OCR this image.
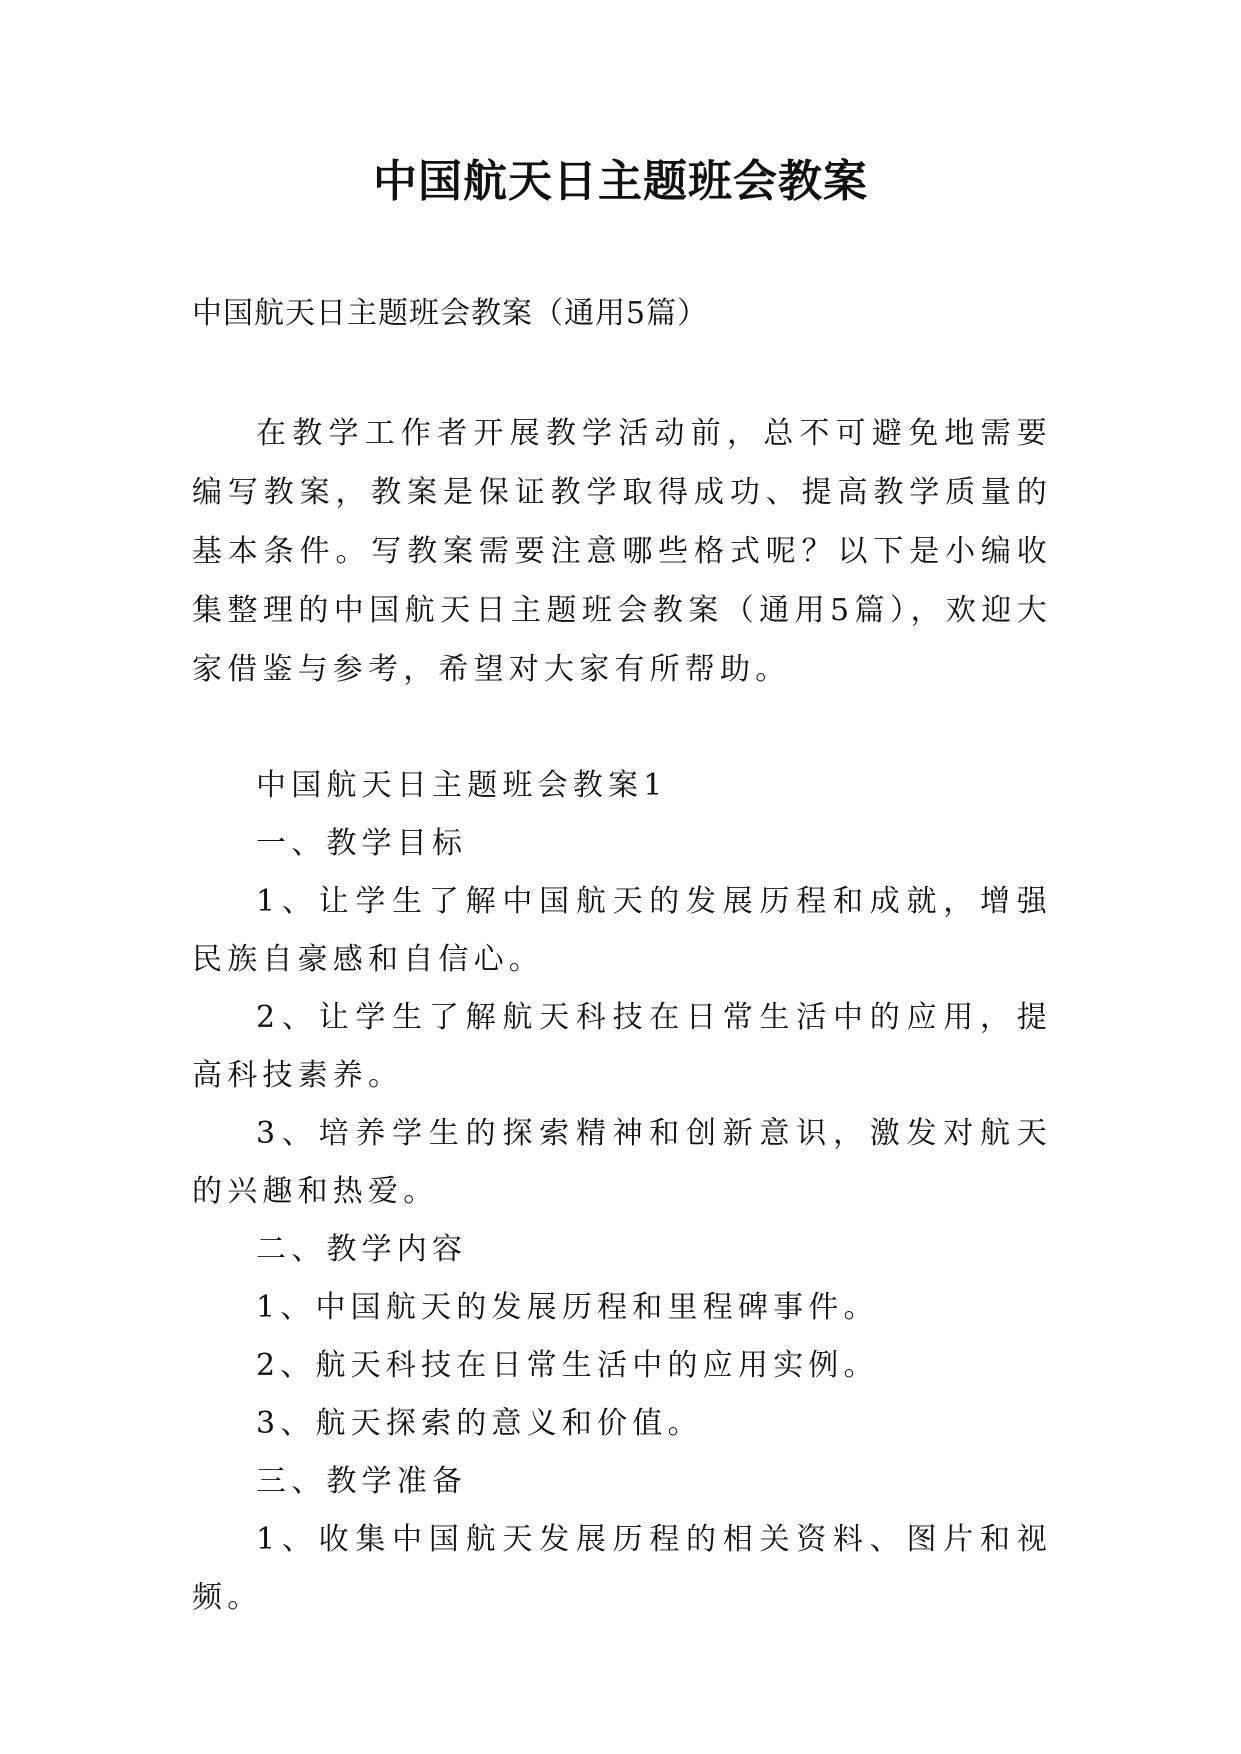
中国航天日主题班会教案

中国航天日主题班会教案（通用5篇）

在教学工作者开展教学活动前，总不可避免地需要编写教案，教案是保证教学取得成功、提高教学质量的基本条件。写教案需要注意哪些格式呢？以下是小编收集整理的中国航天日主题班会教案（通用5篇），欢迎大家借鉴与参考，希望对大家有所帮助。

中国航天日主题班会教案1

一、教学目标

1、让学生了解中国航天的发展历程和成就，增强民族自豪感和自信心。

2、让学生了解航天科技在日常生活中的应用，提高科技素养。

3、培养学生的探索精神和创新意识，激发对航天的兴趣和热爱。

二、教学内容

1、中国航天的发展历程和里程碑事件。

2、航天科技在日常生活中的应用实例。

3、航天探索的意义和价值。

三、教学准备

1、收集中国航天发展历程的相关资料、图片和视频。
